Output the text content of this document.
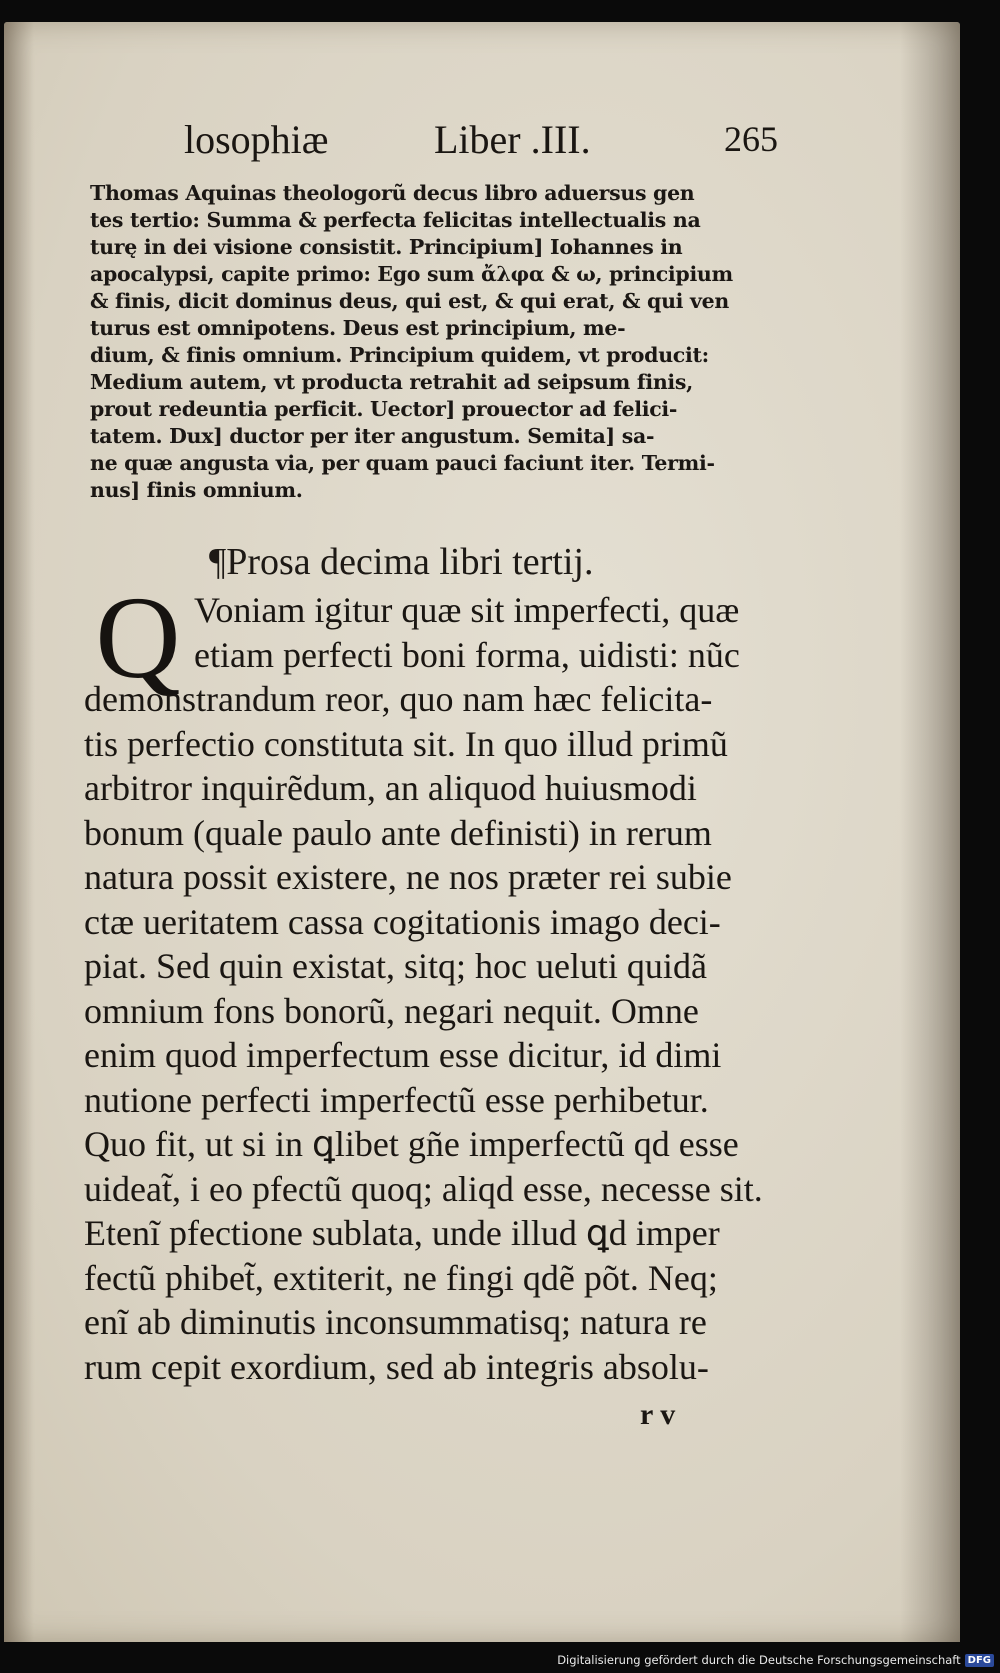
losophiæ	Liber .III.	265
Thomas Aquinas theologorũ decus libro aduersus gen
tes tertio: Summa & perfecta felicitas intellectualis na
turę in dei visione consistit. Principium] Iohannes in
apocalypsi, capite primo: Ego sum ἄλφα & ω, principium
& finis, dicit dominus deus, qui est, & qui erat, & qui ven
turus est omnipotens. Deus est principium, me-
dium, & finis omnium. Principium quidem, vt producit:
Medium autem, vt producta retrahit ad seipsum finis,
prout redeuntia perficit. Uector] prouector ad felici-
tatem. Dux] ductor per iter angustum. Semita] sa-
ne quæ angusta via, per quam pauci faciunt iter. Termi-
nus] finis omnium.
¶Prosa decima libri tertij.
Q Voniam igitur quæ sit imperfecti, quæ
etiam perfecti boni forma, uidisti: nũc
demonstrandum reor, quo nam hæc felicita-
tis perfectio constituta sit. In quo illud primũ
arbitror inquirẽdum, an aliquod huiusmodi
bonum (quale paulo ante definisti) in rerum
natura possit existere, ne nos præter rei subie
ctæ ueritatem cassa cogitationis imago deci-
piat. Sed quin existat, sitq; hoc ueluti quidã
omnium fons bonorũ, negari nequit. Omne
enim quod imperfectum esse dicitur, id dimi
nutione perfecti imperfectũ esse perhibetur.
Quo fit, ut si in ꝗlibet gñe imperfectũ qd esse
uideat̃, i eo pfectũ quoq; aliqd esse, necesse sit.
Etenĩ pfectione sublata, unde illud ꝗd imper
fectũ phibet̃, extiterit, ne fingi qdẽ põt. Neq;
enĩ ab diminutis inconsummatisq; natura re
rum cepit exordium, sed ab integris absolu-
r v
Digitalisierung gefördert durch die Deutsche Forschungsgemeinschaft DFG
